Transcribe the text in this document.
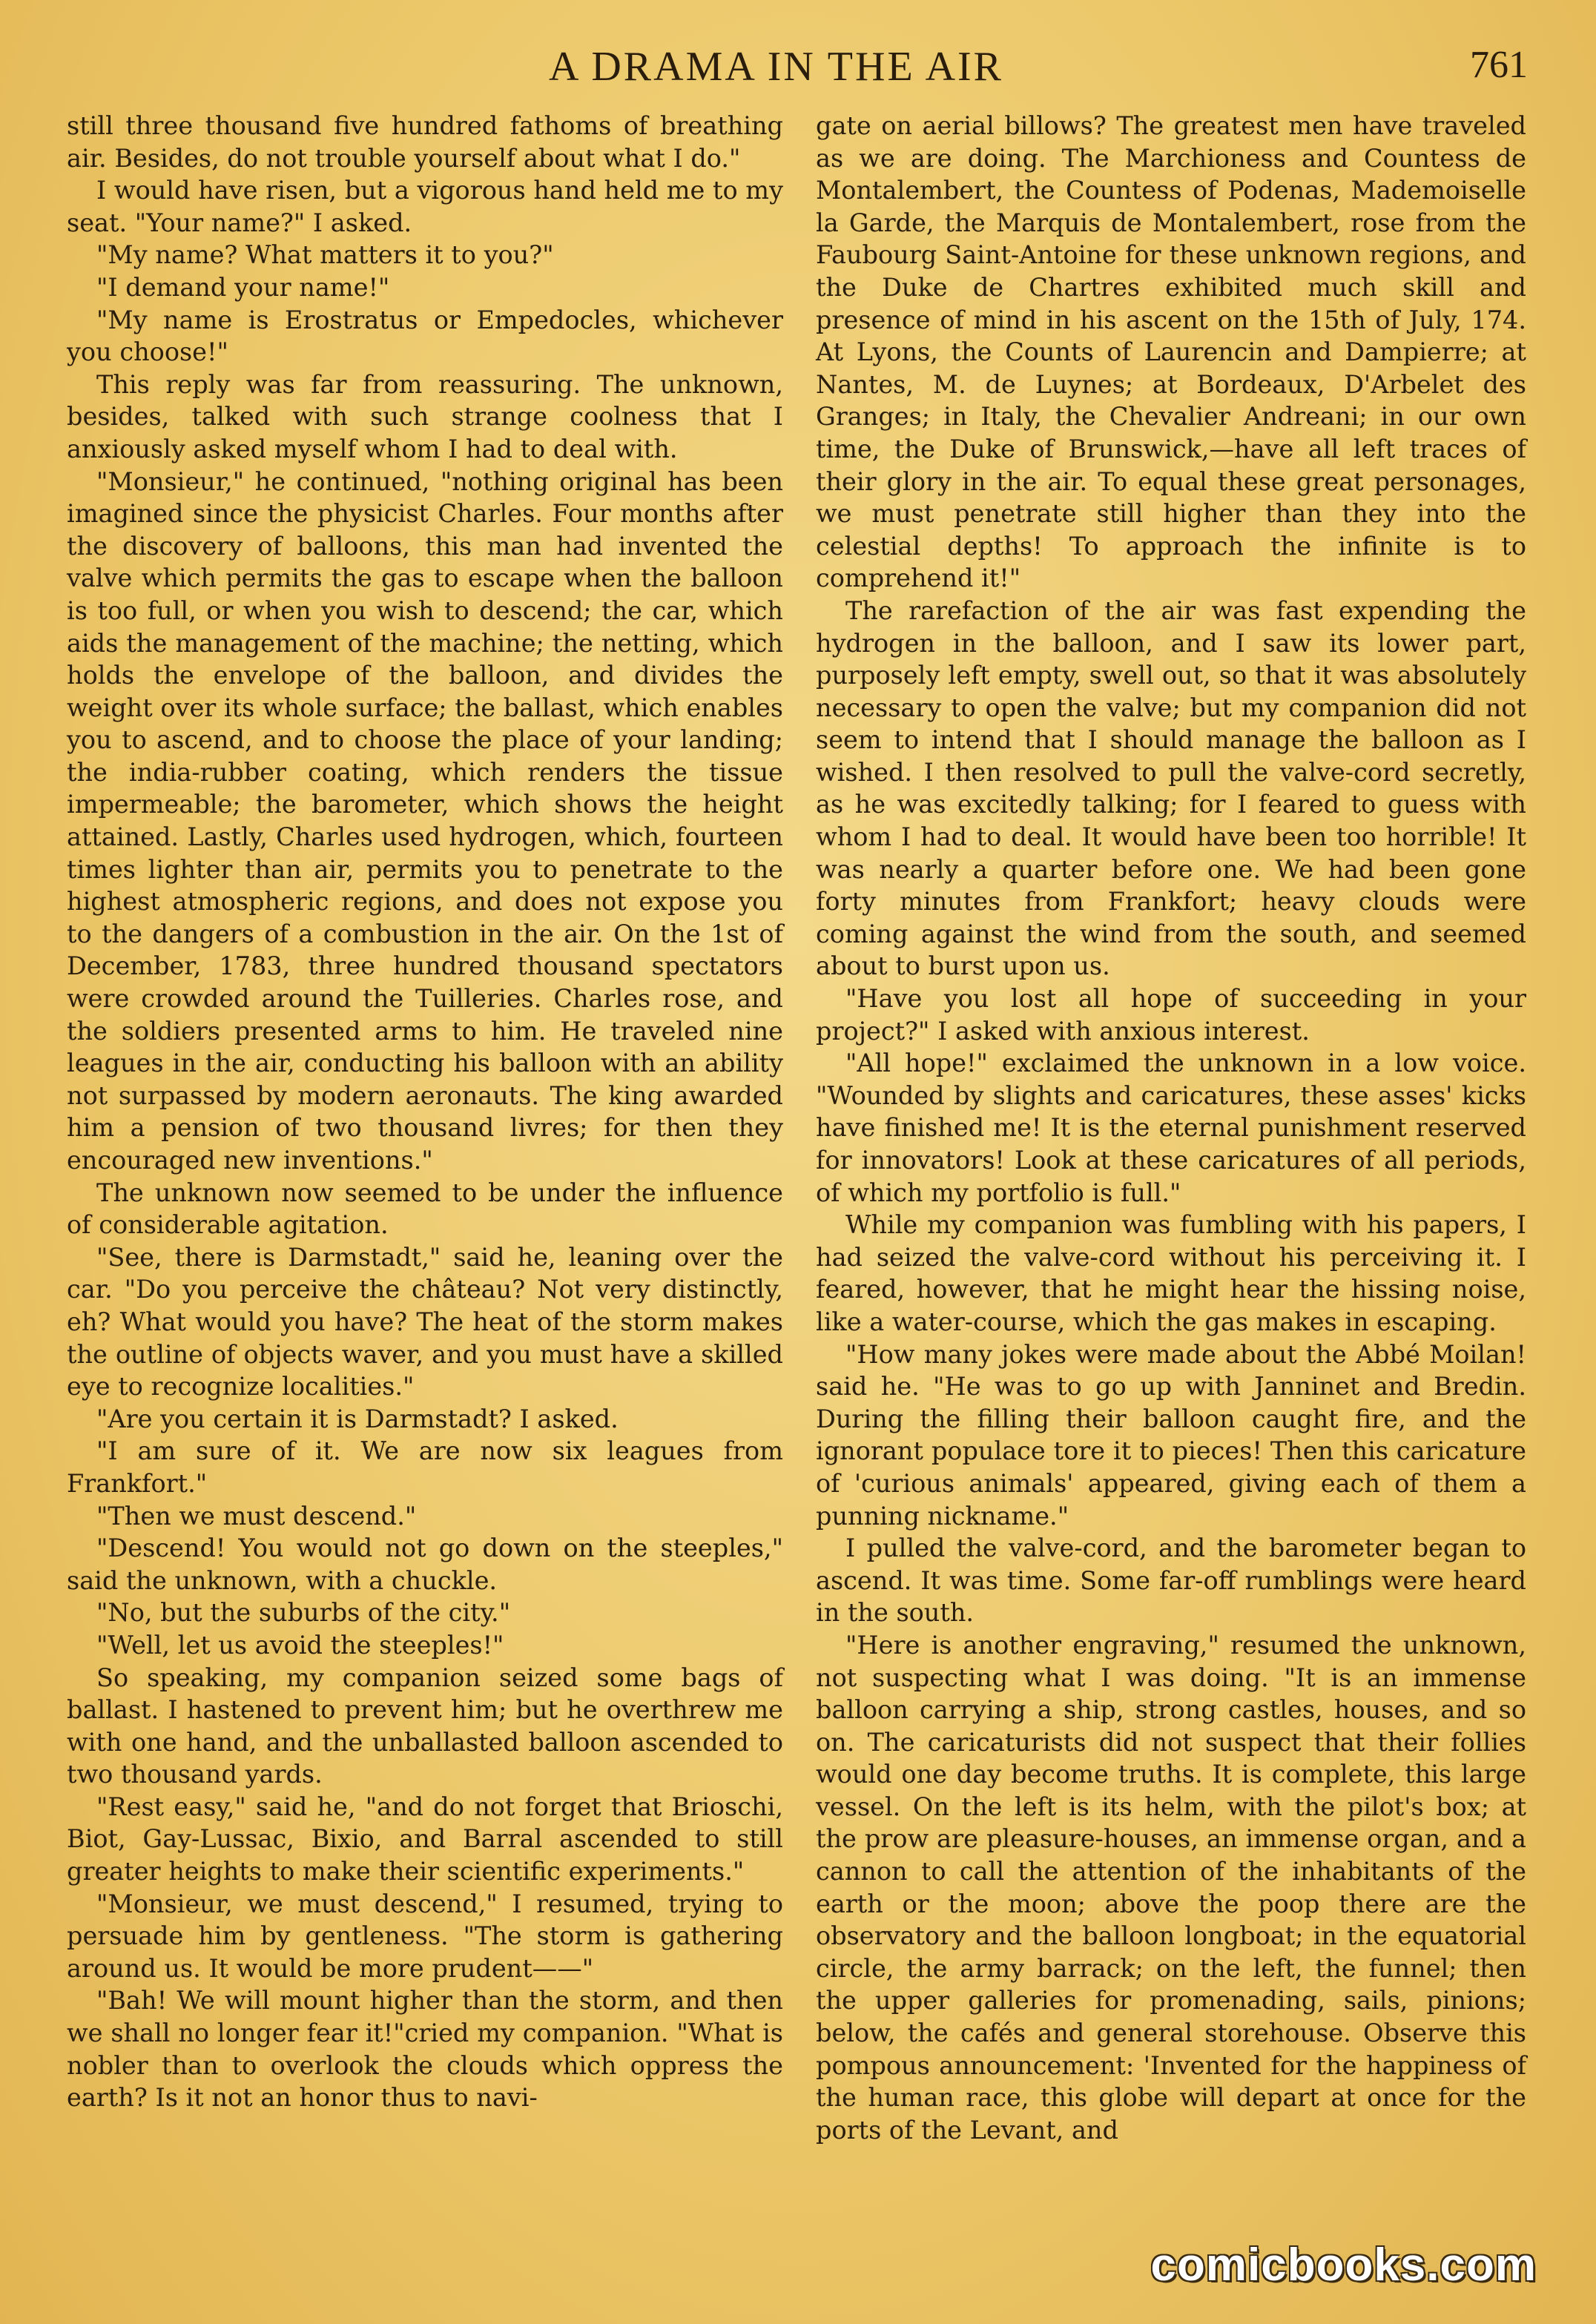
A DRAMA IN THE AIR	761

still three thousand five hundred fathoms of breathing air. Besides, do not trouble yourself about what I do."

I would have risen, but a vigorous hand held me to my seat. "Your name?" I asked.

"My name? What matters it to you?"

"I demand your name!"

"My name is Erostratus or Empedocles, whichever you choose!"

This reply was far from reassuring. The unknown, besides, talked with such strange coolness that I anxiously asked myself whom I had to deal with.

"Monsieur," he continued, "nothing original has been imagined since the physicist Charles. Four months after the discovery of balloons, this man had invented the valve which permits the gas to escape when the balloon is too full, or when you wish to descend; the car, which aids the management of the machine; the netting, which holds the envelope of the balloon, and divides the weight over its whole surface; the ballast, which enables you to ascend, and to choose the place of your landing; the india-rubber coating, which renders the tissue impermeable; the barometer, which shows the height attained. Lastly, Charles used hydrogen, which, fourteen times lighter than air, permits you to penetrate to the highest atmospheric regions, and does not expose you to the dangers of a combustion in the air. On the 1st of December, 1783, three hundred thousand spectators were crowded around the Tuilleries. Charles rose, and the soldiers presented arms to him. He traveled nine leagues in the air, conducting his balloon with an ability not surpassed by modern aeronauts. The king awarded him a pension of two thousand livres; for then they encouraged new inventions."

The unknown now seemed to be under the influence of considerable agitation.

"See, there is Darmstadt," said he, leaning over the car. "Do you perceive the château? Not very distinctly, eh? What would you have? The heat of the storm makes the outline of objects waver, and you must have a skilled eye to recognize localities."

"Are you certain it is Darmstadt? I asked.

"I am sure of it. We are now six leagues from Frankfort."

"Then we must descend."

"Descend! You would not go down on the steeples," said the unknown, with a chuckle.

"No, but the suburbs of the city."

"Well, let us avoid the steeples!"

So speaking, my companion seized some bags of ballast. I hastened to prevent him; but he overthrew me with one hand, and the unballasted balloon ascended to two thousand yards.

"Rest easy," said he, "and do not forget that Brioschi, Biot, Gay-Lussac, Bixio, and Barral ascended to still greater heights to make their scientific experiments."

"Monsieur, we must descend," I resumed, trying to persuade him by gentleness. "The storm is gathering around us. It would be more prudent——"

"Bah! We will mount higher than the storm, and then we shall no longer fear it!"cried my companion. "What is nobler than to overlook the clouds which oppress the earth? Is it not an honor thus to navi-

gate on aerial billows? The greatest men have traveled as we are doing. The Marchioness and Countess de Montalembert, the Countess of Podenas, Mademoiselle la Garde, the Marquis de Montalembert, rose from the Faubourg Saint-Antoine for these unknown regions, and the Duke de Chartres exhibited much skill and presence of mind in his ascent on the 15th of July, 174. At Lyons, the Counts of Laurencin and Dampierre; at Nantes, M. de Luynes; at Bordeaux, D'Arbelet des Granges; in Italy, the Chevalier Andreani; in our own time, the Duke of Brunswick,—have all left traces of their glory in the air. To equal these great personages, we must penetrate still higher than they into the celestial depths! To approach the infinite is to comprehend it!"

The rarefaction of the air was fast expending the hydrogen in the balloon, and I saw its lower part, purposely left empty, swell out, so that it was absolutely necessary to open the valve; but my companion did not seem to intend that I should manage the balloon as I wished. I then resolved to pull the valve-cord secretly, as he was excitedly talking; for I feared to guess with whom I had to deal. It would have been too horrible! It was nearly a quarter before one. We had been gone forty minutes from Frankfort; heavy clouds were coming against the wind from the south, and seemed about to burst upon us.

"Have you lost all hope of succeeding in your project?" I asked with anxious interest.

"All hope!" exclaimed the unknown in a low voice. "Wounded by slights and caricatures, these asses' kicks have finished me! It is the eternal punishment reserved for innovators! Look at these caricatures of all periods, of which my portfolio is full."

While my companion was fumbling with his papers, I had seized the valve-cord without his perceiving it. I feared, however, that he might hear the hissing noise, like a water-course, which the gas makes in escaping.

"How many jokes were made about the Abbé Moilan! said he. "He was to go up with Janninet and Bredin. During the filling their balloon caught fire, and the ignorant populace tore it to pieces! Then this caricature of 'curious animals' appeared, giving each of them a punning nickname."

I pulled the valve-cord, and the barometer began to ascend. It was time. Some far-off rumblings were heard in the south.

"Here is another engraving," resumed the unknown, not suspecting what I was doing. "It is an immense balloon carrying a ship, strong castles, houses, and so on. The caricaturists did not suspect that their follies would one day become truths. It is complete, this large vessel. On the left is its helm, with the pilot's box; at the prow are pleasure-houses, an immense organ, and a cannon to call the attention of the inhabitants of the earth or the moon; above the poop there are the observatory and the balloon longboat; in the equatorial circle, the army barrack; on the left, the funnel; then the upper galleries for promenading, sails, pinions; below, the cafés and general storehouse. Observe this pompous announcement: 'Invented for the happiness of the human race, this globe will depart at once for the ports of the Levant, and

comicbooks.com
